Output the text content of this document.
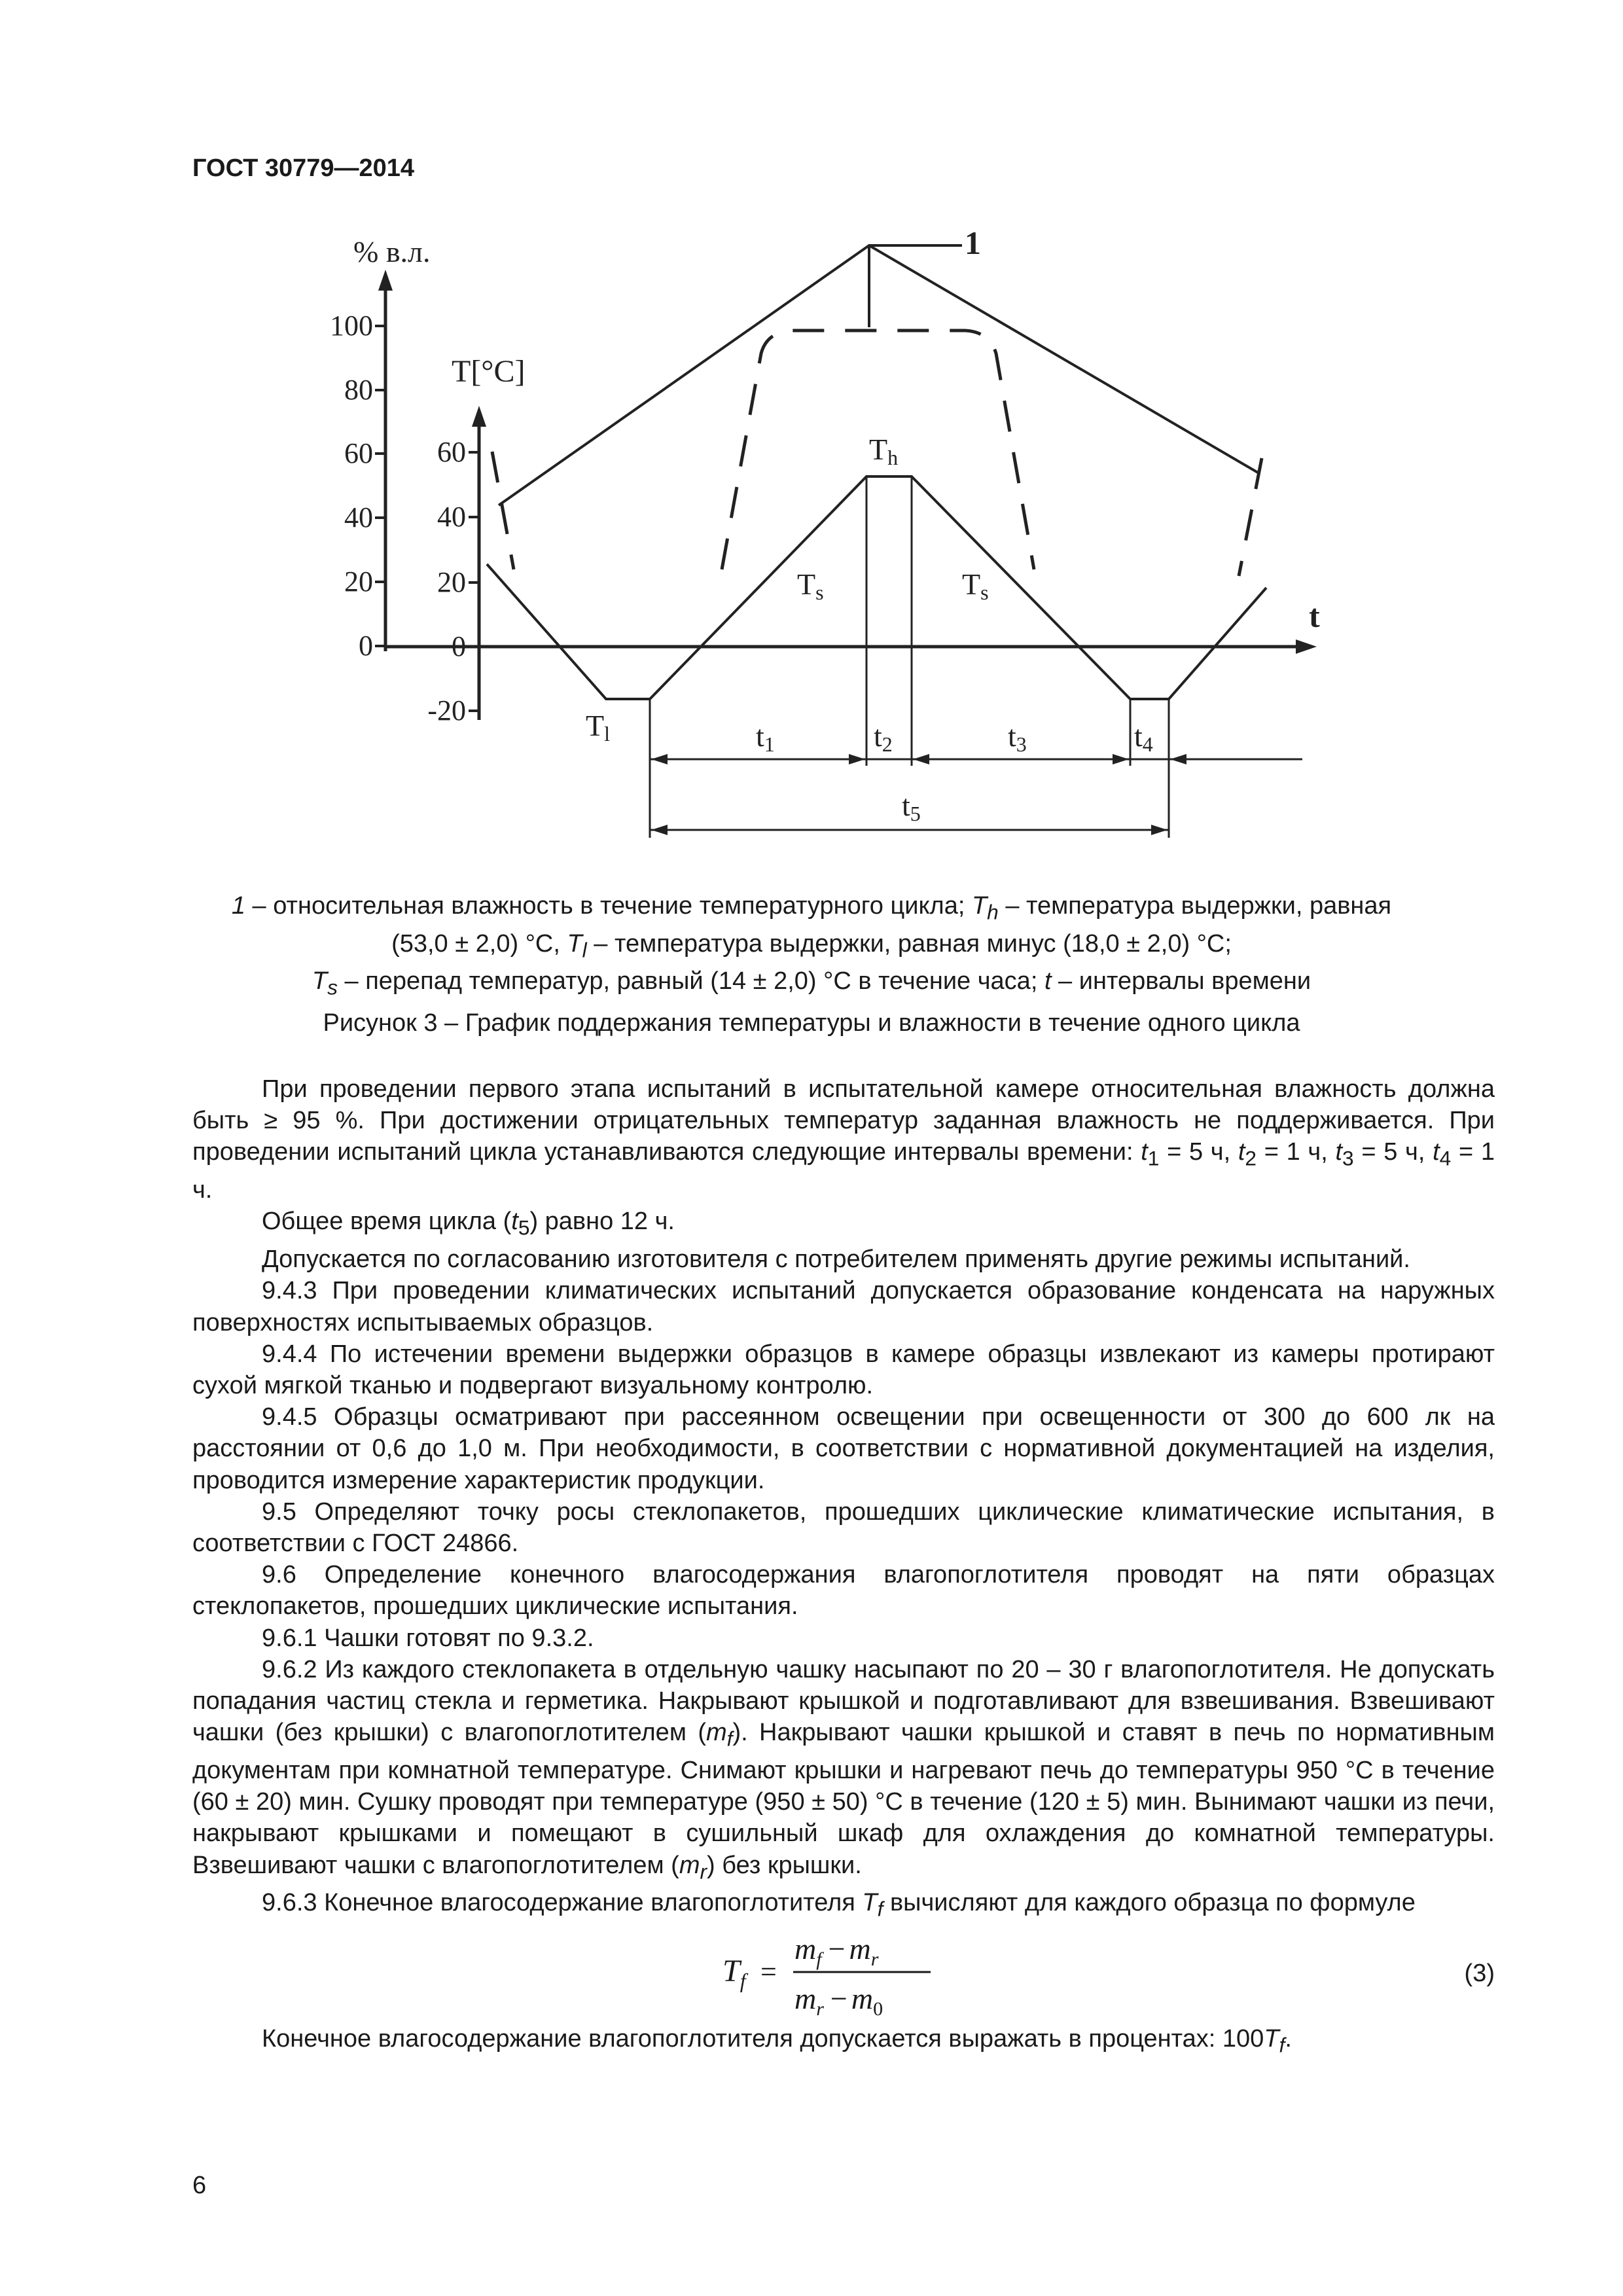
ГОСТ 30779—2014
% в.л.
100
80
60
40
20
0
T[°C]
60
40
20
0
-20
t
1
Th
Tl
Ts	Ts
t1	t2	t3	t4
t5
1 – относительная влажность в течение температурного цикла; $T_h$ – температура выдержки, равная
(53,0 ± 2,0) °С, $T_l$ – температура выдержки, равная минус (18,0 ± 2,0) °С;
$T_s$ – перепад температур, равный (14 ± 2,0) °С в течение часа; t – интервалы времени
Рисунок 3 – График поддержания температуры и влажности в течение одного цикла

При проведении первого этапа испытаний в испытательной камере относительная влажность должна быть ≥ 95 %. При достижении отрицательных температур заданная влажность не поддерживается. При проведении испытаний цикла устанавливаются следующие интервалы времени: $t_1 = 5$ ч, $t_2 = 1$ ч, $t_3 = 5$ ч, $t_4 = 1$ ч.

Общее время цикла $(t_5)$ равно 12 ч.

Допускается по согласованию изготовителя с потребителем применять другие режимы испытаний.

9.4.3 При проведении климатических испытаний допускается образование конденсата на наружных поверхностях испытываемых образцов.

9.4.4 По истечении времени выдержки образцов в камере образцы извлекают из камеры протирают сухой мягкой тканью и подвергают визуальному контролю.

9.4.5 Образцы осматривают при рассеянном освещении при освещенности от 300 до 600 лк на расстоянии от 0,6 до 1,0 м. При необходимости, в соответствии с нормативной документацией на изделия, проводится измерение характеристик продукции.

9.5 Определяют точку росы стеклопакетов, прошедших циклические климатические испытания, в соответствии с ГОСТ 24866.

9.6 Определение конечного влагосодержания влагопоглотителя проводят на пяти образцах стеклопакетов, прошедших циклические испытания.

9.6.1 Чашки готовят по 9.3.2.

9.6.2 Из каждого стеклопакета в отдельную чашку насыпают по 20 – 30 г влагопоглотителя. Не допускать попадания частиц стекла и герметика. Накрывают крышкой и подготавливают для взвешивания. Взвешивают чашки (без крышки) с влагопоглотителем $(m_f)$. Накрывают чашки крышкой и ставят в печь по нормативным документам при комнатной температуре. Снимают крышки и нагревают печь до температуры 950 °С в течение (60 ± 20) мин. Сушку проводят при температуре (950 ± 50) °С в течение (120 ± 5) мин. Вынимают чашки из печи, накрывают крышками и помещают в сушильный шкаф для охлаждения до комнатной температуры. Взвешивают чашки с влагопоглотителем $(m_r)$ без крышки.

9.6.3 Конечное влагосодержание влагопоглотителя $T_f$ вычисляют для каждого образца по формуле

$T_f$ =
$m_f - m_r$
$m_r - m_0$
(3)

Конечное влагосодержание влагопоглотителя допускается выражать в процентах: $100T_f$.

6
